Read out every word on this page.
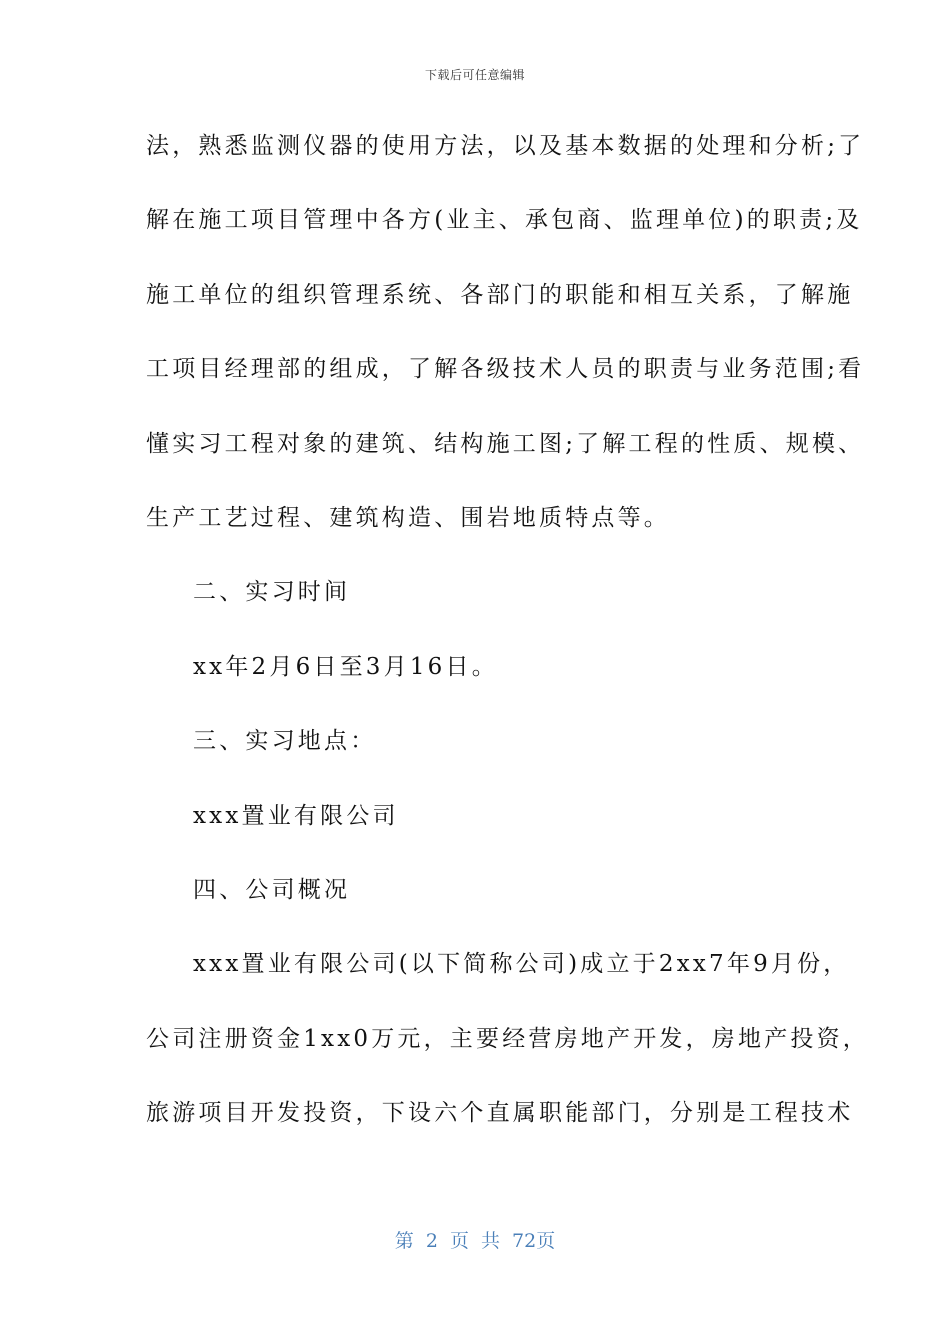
下载后可任意编辑
法，熟悉监测仪器的使用方法，以及基本数据的处理和分析;了
解在施工项目管理中各方(业主、承包商、监理单位)的职责;及
施工单位的组织管理系统、各部门的职能和相互关系，了解施
工项目经理部的组成，了解各级技术人员的职责与业务范围;看
懂实习工程对象的建筑、结构施工图;了解工程的性质、规模、
生产工艺过程、建筑构造、围岩地质特点等。
二、实习时间
xx年2月6日至3月16日。
三、实习地点：
xxx置业有限公司
四、公司概况
xxx置业有限公司(以下简称公司)成立于2xx7年9月份，
公司注册资金1xx0万元，主要经营房地产开发，房地产投资，
旅游项目开发投资，下设六个直属职能部门，分别是工程技术
第 2 页 共 72页
